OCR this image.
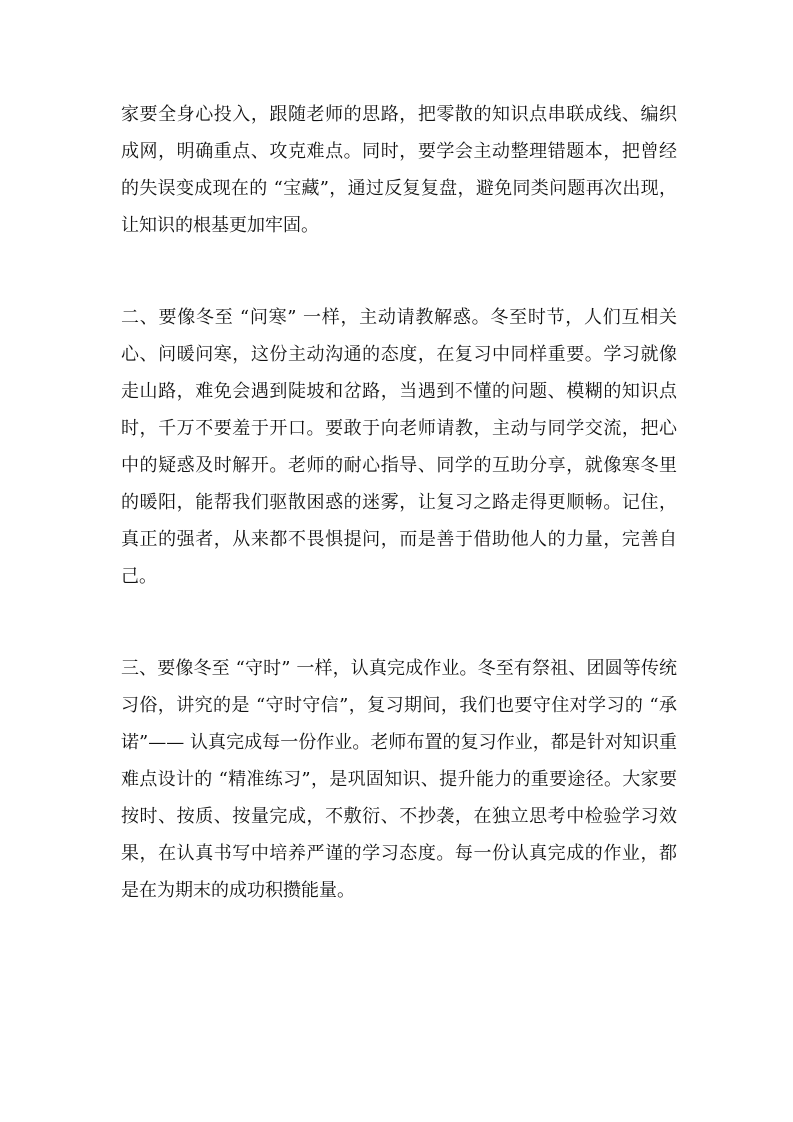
家要全身心投入，跟随老师的思路，把零散的知识点串联成线、编织成网，明确重点、攻克难点。同时，要学会主动整理错题本，把曾经的失误变成现在的 “宝藏”，通过反复复盘，避免同类问题再次出现，让知识的根基更加牢固。

二、要像冬至 “问寒” 一样，主动请教解惑。冬至时节，人们互相关心、问暖问寒，这份主动沟通的态度，在复习中同样重要。学习就像走山路，难免会遇到陡坡和岔路，当遇到不懂的问题、模糊的知识点时，千万不要羞于开口。要敢于向老师请教，主动与同学交流，把心中的疑惑及时解开。老师的耐心指导、同学的互助分享，就像寒冬里的暖阳，能帮我们驱散困惑的迷雾，让复习之路走得更顺畅。记住，真正的强者，从来都不畏惧提问，而是善于借助他人的力量，完善自己。

三、要像冬至 “守时” 一样，认真完成作业。冬至有祭祖、团圆等传统习俗，讲究的是 “守时守信”，复习期间，我们也要守住对学习的 “承诺”—— 认真完成每一份作业。老师布置的复习作业，都是针对知识重难点设计的 “精准练习”，是巩固知识、提升能力的重要途径。大家要按时、按质、按量完成，不敷衍、不抄袭，在独立思考中检验学习效果，在认真书写中培养严谨的学习态度。每一份认真完成的作业，都是在为期末的成功积攒能量。
